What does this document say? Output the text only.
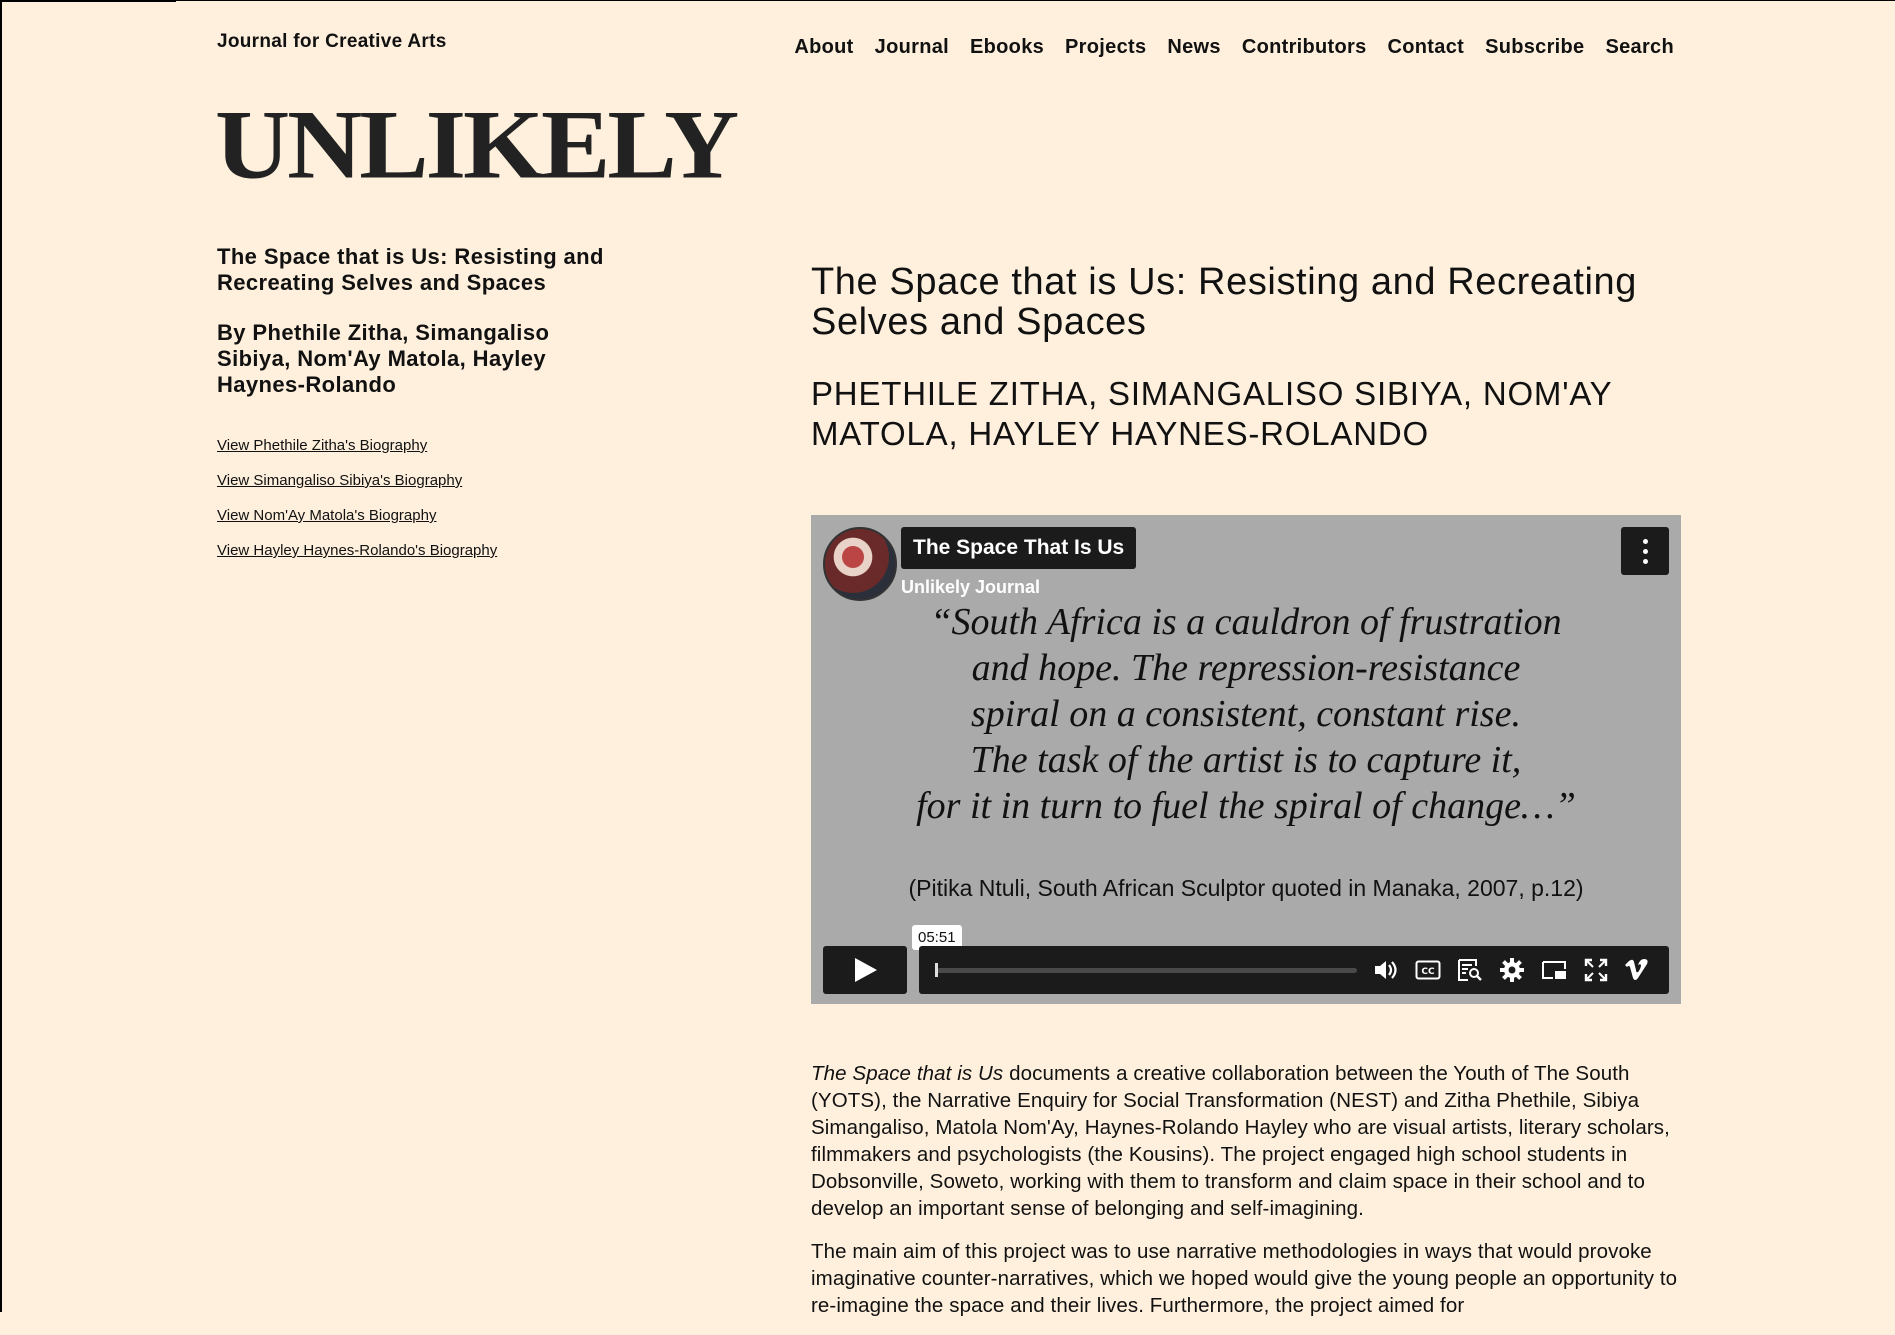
Journal for Creative Arts	About Journal Ebooks Projects News Contributors Contact Subscribe Search
UNLIKELY
The Space that is Us: Resisting and Recreating Selves and Spaces
By Phethile Zitha, Simangaliso Sibiya, Nom'Ay Matola, Hayley Haynes-Rolando
View Phethile Zitha's Biography
View Simangaliso Sibiya's Biography
View Nom'Ay Matola's Biography
View Hayley Haynes-Rolando's Biography
The Space that is Us: Resisting and Recreating Selves and Spaces
PHETHILE ZITHA, SIMANGALISO SIBIYA, NOM'AY MATOLA, HAYLEY HAYNES-ROLANDO
The Space That Is Us
Unlikely Journal
“South Africa is a cauldron of frustration
and hope. The repression-resistance
spiral on a consistent, constant rise.
The task of the artist is to capture it,
for it in turn to fuel the spiral of change…”
(Pitika Ntuli, South African Sculptor quoted in Manaka, 2007, p.12)
05:51
CC

The Space that is Us documents a creative collaboration between the Youth of The South (YOTS), the Narrative Enquiry for Social Transformation (NEST) and Zitha Phethile, Sibiya Simangaliso, Matola Nom'Ay, Haynes-Rolando Hayley who are visual artists, literary scholars, filmmakers and psychologists (the Kousins). The project engaged high school students in Dobsonville, Soweto, working with them to transform and claim space in their school and to develop an important sense of belonging and self-imagining.

The main aim of this project was to use narrative methodologies in ways that would provoke imaginative counter-narratives, which we hoped would give the young people an opportunity to re-imagine the space and their lives. Furthermore, the project aimed for
